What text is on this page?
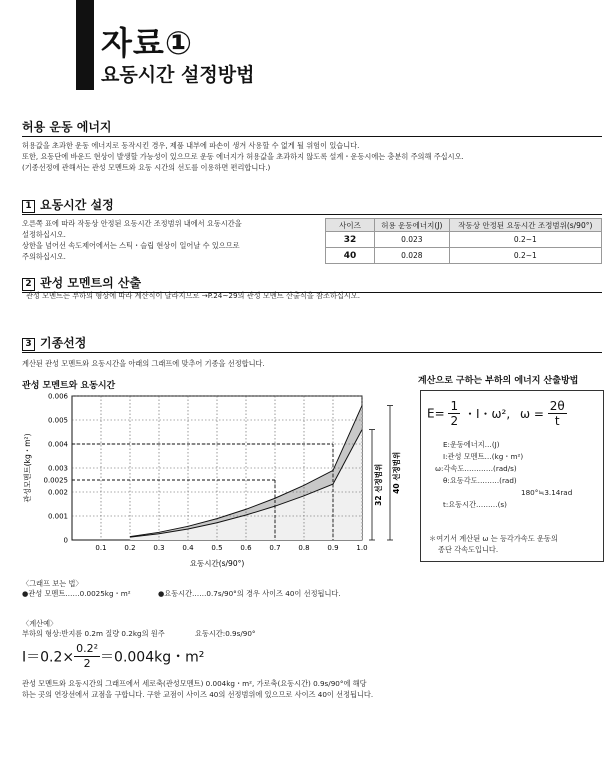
자료①
요동시간 설정방법
허용 운동 에너지
허용값을 초과한 운동 에너지로 동작시킨 경우, 제품 내부에 파손이 생겨 사용할 수 없게 될 위험이 있습니다.
또한, 요동단에 바운드 현상이 발생할 가능성이 있으므로 운동 에너지가 허용값을 초과하지 않도록 설계・운동시에는 충분히 주의해 주십시오.
(기종선정에 관해서는 관성 모멘트와 요동 시간의 선도를 이용하면 편리합니다.)
1 요동시간 설정
오른쪽 표에 따라 작동상 안정된 요동시간 조정범위 내에서 요동시간을
설정하십시오.
상한을 넘어선 속도제어에서는 스틱・슬립 현상이 일어날 수 있으므로
주의하십시오.
사이즈	허용 운동에너지(J)	작동상 안정된 요동시간 조정범위(s/90°)
32	0.023	0.2~1
40	0.028	0.2~1
2 관성 모멘트의 산출
관성 모멘트는 부하의 형상에 따라 계산식이 달라지므로 →P.24~29의 관성 모멘트 산출식을 참조하십시오.
3 기종선정
계산된 관성 모멘트와 요동시간을 아래의 그래프에 맞추어 기종을 선정합니다.
관성 모멘트와 요동시간
0
0.001
0.002
0.0025
0.003
0.004
0.005
0.006
0.1	0.2	0.3	0.4	0.5	0.6	0.7	0.8	0.9	1.0
요동시간(s/90°)
관성모멘트(kg・m²)	32 선정범위 40 선정범위
〈그래프 보는 법〉
●관성 모멘트……0.0025kg・m²	●요동시간……0.7s/90°의 경우 사이즈 40이 선정됩니다.
〈계산예〉
부하의 형상:반지름 0.2m 질량 0.2kg의 원주	요동시간:0.9s/90°
$I=0.2\times \frac{\text{0.2²}}{2} =0.004kg$・m²
관성 모멘트와 요동시간의 그래프에서 세로축(관성모멘트) 0.004kg・m², 가로축(요동시간) 0.9s/90°에 해당
하는 곳의 연장선에서 교점을 구합니다. 구한 교점이 사이즈 40의 선정범위에 있으므로 사이즈 40이 선정됩니다.
계산으로 구하는 부하의 에너지 산출방법
$E= \frac{1}{2}$ ・I・ω², $\omega = \frac{2\theta}{t}$
E:운동에너지…(J)
I:관성 모멘트…(kg・m²)
ω:각속도…………(rad/s)
θ:요동각도………(rad)
180°≒3.14rad
t:요동시간………(s)
＊여기서 계산된 ω 는 등각가속도 운동의
종단 각속도입니다.
